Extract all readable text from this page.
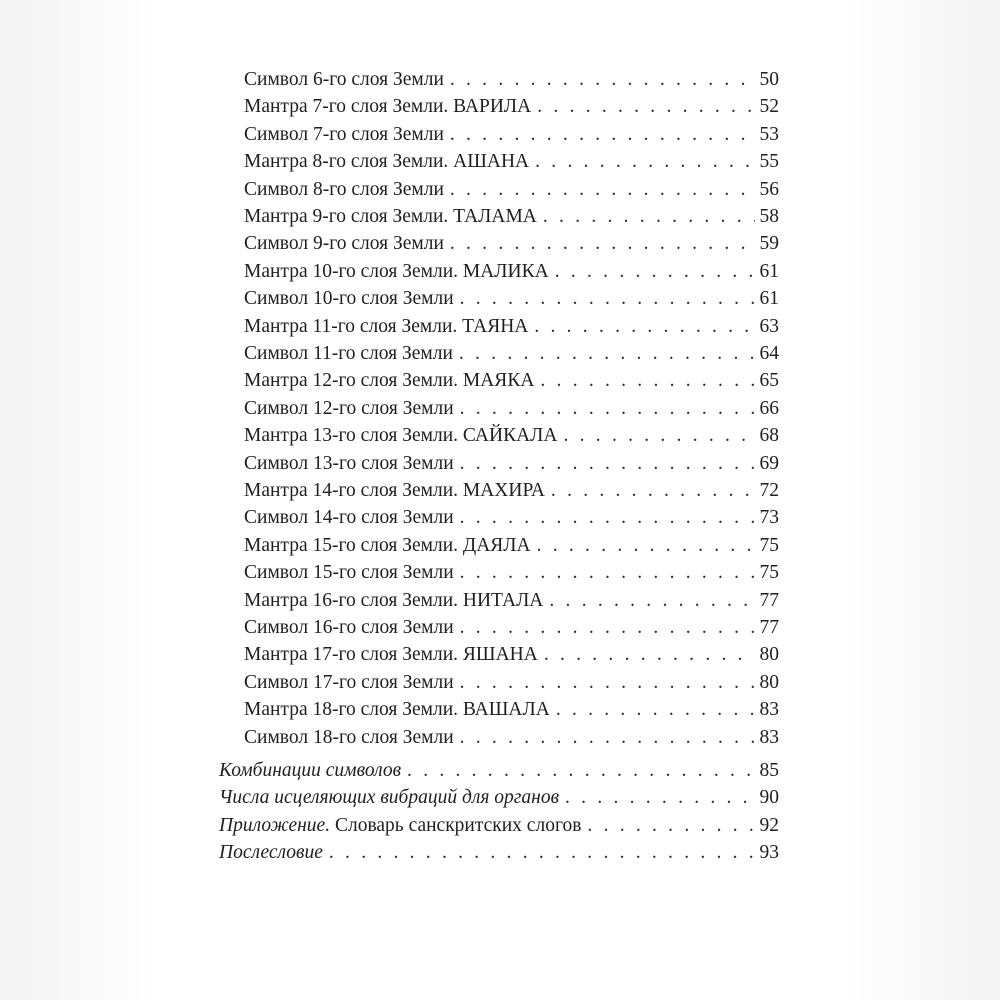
Символ 6-го слоя Земли . . .	50
Мантра 7-го слоя Земли. ВАРИЛА . . .	52
Символ 7-го слоя Земли . . .	53
Мантра 8-го слоя Земли. АШАНА . . .	55
Символ 8-го слоя Земли . . .	56
Мантра 9-го слоя Земли. ТАЛАМА . . .	58
Символ 9-го слоя Земли . . .	59
Мантра 10-го слоя Земли. МАЛИКА . . .	61
Символ 10-го слоя Земли . . .	61
Мантра 11-го слоя Земли. ТАЯНА . . .	63
Символ 11-го слоя Земли . . .	64
Мантра 12-го слоя Земли. МАЯКА . . .	65
Символ 12-го слоя Земли . . .	66
Мантра 13-го слоя Земли. САЙКАЛА . . .	68
Символ 13-го слоя Земли . . .	69
Мантра 14-го слоя Земли. МАХИРА . . .	72
Символ 14-го слоя Земли . . .	73
Мантра 15-го слоя Земли. ДАЯЛА . . .	75
Символ 15-го слоя Земли . . .	75
Мантра 16-го слоя Земли. НИТАЛА . . .	77
Символ 16-го слоя Земли . . .	77
Мантра 17-го слоя Земли. ЯШАНА . . .	80
Символ 17-го слоя Земли . . .	80
Мантра 18-го слоя Земли. ВАШАЛА . . .	83
Символ 18-го слоя Земли . . .	83
Комбинации символов . . .	85
Числа исцеляющих вибраций для органов . . .	90
Приложение. Словарь санскритских слогов . . .	92
Послесловие . . .	93
